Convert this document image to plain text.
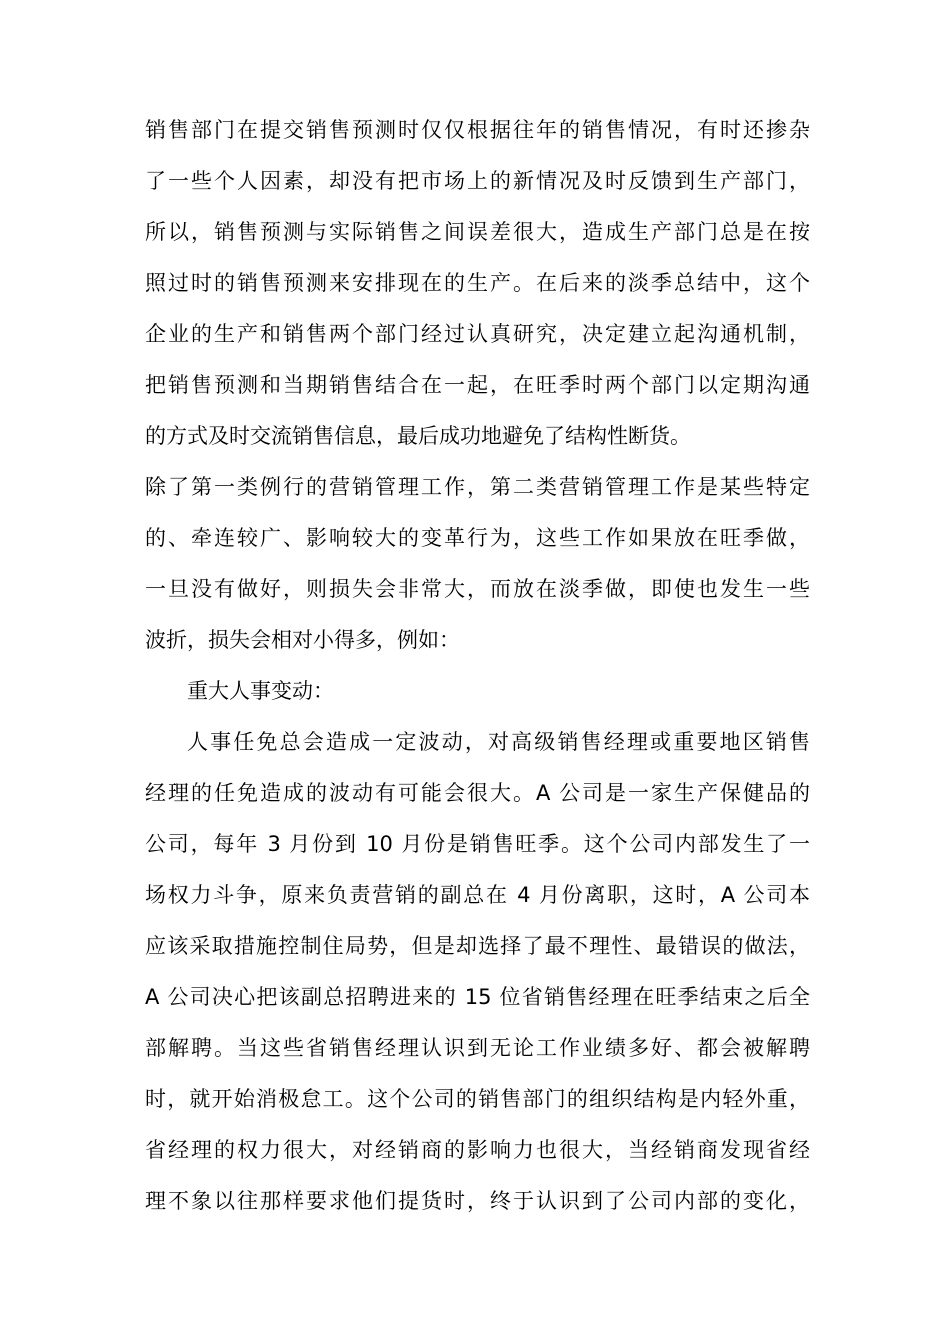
销售部门在提交销售预测时仅仅根据往年的销售情况，有时还掺杂
了一些个人因素，却没有把市场上的新情况及时反馈到生产部门，
所以，销售预测与实际销售之间误差很大，造成生产部门总是在按
照过时的销售预测来安排现在的生产。在后来的淡季总结中，这个
企业的生产和销售两个部门经过认真研究，决定建立起沟通机制，
把销售预测和当期销售结合在一起，在旺季时两个部门以定期沟通
的方式及时交流销售信息，最后成功地避免了结构性断货。
除了第一类例行的营销管理工作，第二类营销管理工作是某些特定
的、牵连较广、影响较大的变革行为，这些工作如果放在旺季做，
一旦没有做好，则损失会非常大，而放在淡季做，即使也发生一些
波折，损失会相对小得多，例如：
重大人事变动：
人事任免总会造成一定波动，对高级销售经理或重要地区销售
经理的任免造成的波动有可能会很大。A 公司是一家生产保健品的
公司，每年 3 月份到 10 月份是销售旺季。这个公司内部发生了一
场权力斗争，原来负责营销的副总在 4 月份离职，这时，A 公司本
应该采取措施控制住局势，但是却选择了最不理性、最错误的做法，
A 公司决心把该副总招聘进来的 15 位省销售经理在旺季结束之后全
部解聘。当这些省销售经理认识到无论工作业绩多好、都会被解聘
时，就开始消极怠工。这个公司的销售部门的组织结构是内轻外重，
省经理的权力很大，对经销商的影响力也很大，当经销商发现省经
理不象以往那样要求他们提货时，终于认识到了公司内部的变化，
